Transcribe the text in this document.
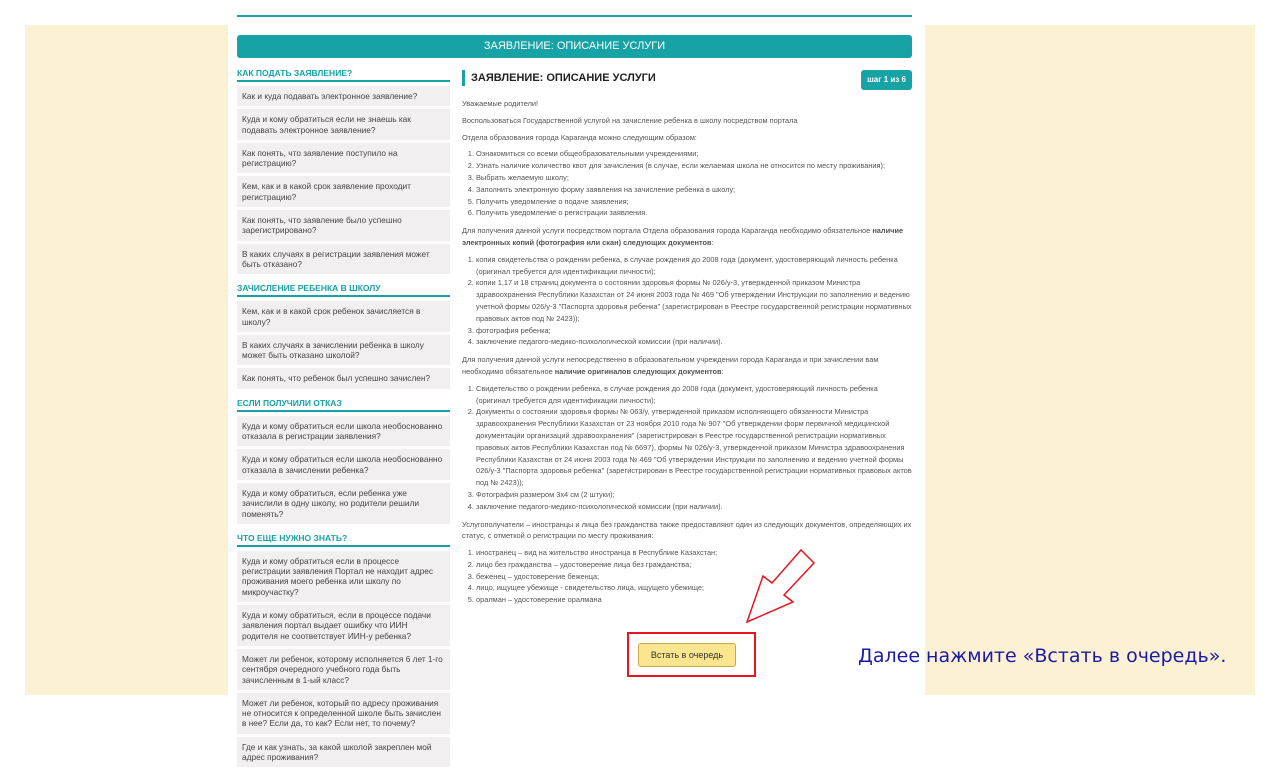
ЗАЯВЛЕНИЕ: ОПИСАНИЕ УСЛУГИ
КАК ПОДАТЬ ЗАЯВЛЕНИЕ?
Как и куда подавать электронное заявление?
Куда и кому обратиться если не знаешь как подавать электронное заявление?
Как понять, что заявление поступило на регистрацию?
Кем, как и в какой срок заявление проходит регистрацию?
Как понять, что заявление было успешно зарегистрировано?
В каких случаях в регистрации заявления может быть отказано?
ЗАЧИСЛЕНИЕ РЕБЕНКА В ШКОЛУ
Кем, как и в какой срок ребенок зачисляется в школу?
В каких случаях в зачислении ребенка в школу может быть отказано школой?
Как понять, что ребенок был успешно зачислен?
ЕСЛИ ПОЛУЧИЛИ ОТКАЗ
Куда и кому обратиться если школа необоснованно отказала в регистрации заявления?
Куда и кому обратиться если школа необоснованно отказала в зачислении ребенка?
Куда и кому обратиться, если ребенка уже зачислили в одну школу, но родители решили поменять?
ЧТО ЕЩЕ НУЖНО ЗНАТЬ?
Куда и кому обратиться если в процессе регистрации заявления Портал не находит адрес проживания моего ребенка или школу по микроучастку?
Куда и кому обратиться, если в процессе подачи заявления портал выдает ошибку что ИИН родителя не соответствует ИИН-у ребенка?
Может ли ребенок, которому исполняется 6 лет 1-го сентября очередного учебного года быть зачисленным в 1-ый класс?
Может ли ребенок, который по адресу проживания не относится к определенной школе быть зачислен в нее? Если да, то как? Если нет, то почему?
Где и как узнать, за какой школой закреплен мой адрес проживания?
ЗАЯВЛЕНИЕ: ОПИСАНИЕ УСЛУГИ	шаг 1 из 6

Уважаемые родители!

Воспользоваться Государственной услугой на зачисление ребенка в школу посредством портала

Отдела образования города Караганда можно следующим образом:

1. Ознакомиться со всеми общеобразовательными учреждениями;
2. Узнать наличие количество квот для зачисления (в случае, если желаемая школа не относится по месту проживания);
3. Выбрать желаемую школу;
4. Заполнить электронную форму заявления на зачисление ребенка в школу;
5. Получить уведомление о подаче заявления;
6. Получить уведомление о регистрации заявления.

Для получения данной услуги посредством портала Отдела образования города Караганда необходимо обязательное наличие электронных копий (фотография или скан) следующих документов:

1. копия свидетельства о рождении ребенка, в случае рождения до 2008 года (документ, удостоверяющий личность ребенка (оригинал требуется для идентификации личности);
2. копии 1,17 и 18 страниц документа о состоянии здоровья формы № 026/у-3, утвержденной приказом Министра здравоохранения Республики Казахстан от 24 июня 2003 года № 469 "Об утверждении Инструкции по заполнению и ведению учетной формы 026/у-3 "Паспорта здоровья ребенка" (зарегистрирован в Реестре государственной регистрации нормативных правовых актов под № 2423));
3. фотография ребенка;
4. заключение педагого-медико-психологической комиссии (при наличии).

Для получения данной услуги непосредственно в образовательном учреждении города Караганда и при зачислении вам необходимо обязательное наличие оригиналов следующих документов:

1. Свидетельство о рождении ребенка, в случае рождения до 2008 года (документ, удостоверяющий личность ребенка (оригинал требуется для идентификации личности);
2. Документы о состоянии здоровья формы № 063/у, утвержденной приказом исполняющего обязанности Министра здравоохранения Республики Казахстан от 23 ноября 2010 года № 907 "Об утверждении форм первичной медицинской документации организаций здравоохранения" (зарегистрирован в Реестре государственной регистрации нормативных правовых актов Республики Казахстан под № 6697), формы № 026/у-3, утвержденной приказом Министра здравоохранения Республики Казахстан от 24 июня 2003 года № 469 "Об утверждении Инструкции по заполнению и ведению учетной формы 026/у-3 "Паспорта здоровья ребенка" (зарегистрирован в Реестре государственной регистрации нормативных правовых актов под № 2423));
3. Фотография размером 3х4 см (2 штуки);
4. заключение педагого-медико-психологической комиссии (при наличии).

Услугополучатели – иностранцы и лица без гражданства также предоставляют один из следующих документов, определяющих их статус, с отметкой о регистрации по месту проживания:

1. иностранец – вид на жительство иностранца в Республике Казахстан;
2. лицо без гражданства – удостоверение лица без гражданства;
3. беженец – удостоверение беженца;
4. лицо, ищущее убежище - свидетельство лица, ищущего убежище;
5. оралман – удостоверение оралмана
Встать в очередь	Далее нажмите «Встать в очередь».
